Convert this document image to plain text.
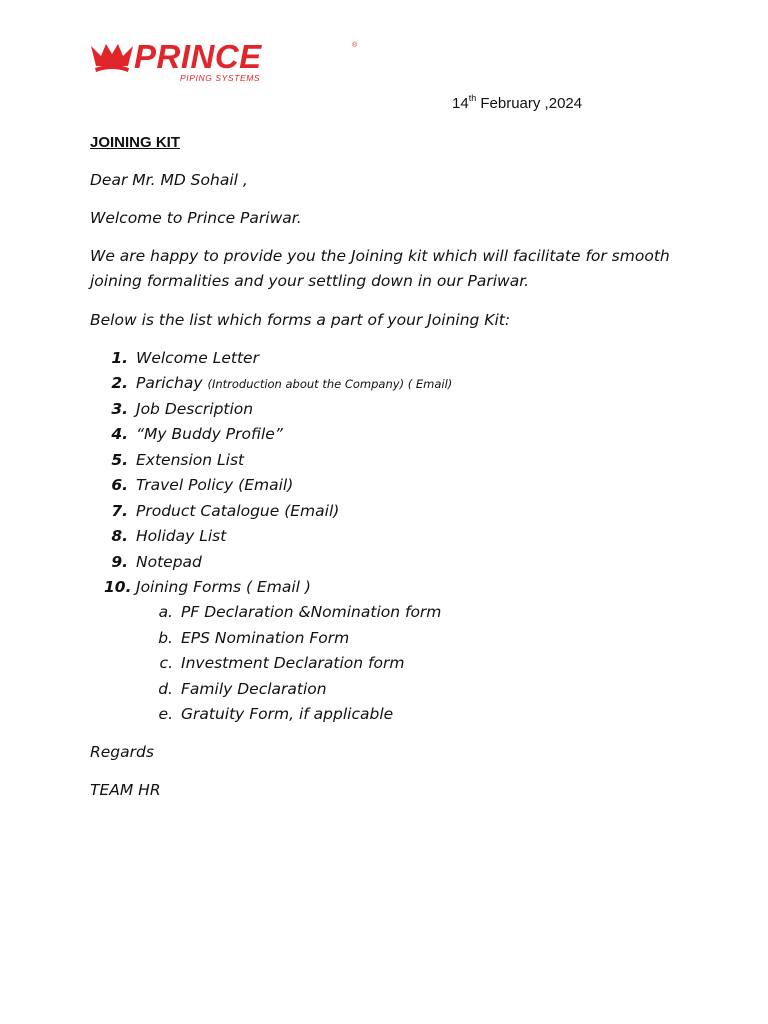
PRINCE	®
PIPING SYSTEMS
14th February ,2024
JOINING KIT
Dear Mr. MD Sohail ,
Welcome to Prince Pariwar.
We are happy to provide you the Joining kit which will facilitate for smooth joining formalities and your settling down in our Pariwar.
Below is the list which forms a part of your Joining Kit:
1. Welcome Letter
2. Parichay (Introduction about the Company) ( Email)
3. Job Description
4. “My Buddy Profile”
5. Extension List
6. Travel Policy (Email)
7. Product Catalogue (Email)
8. Holiday List
9. Notepad
10. Joining Forms ( Email )
a. PF Declaration &Nomination form
b. EPS Nomination Form
c. Investment Declaration form
d. Family Declaration
e. Gratuity Form, if applicable
Regards
TEAM HR
